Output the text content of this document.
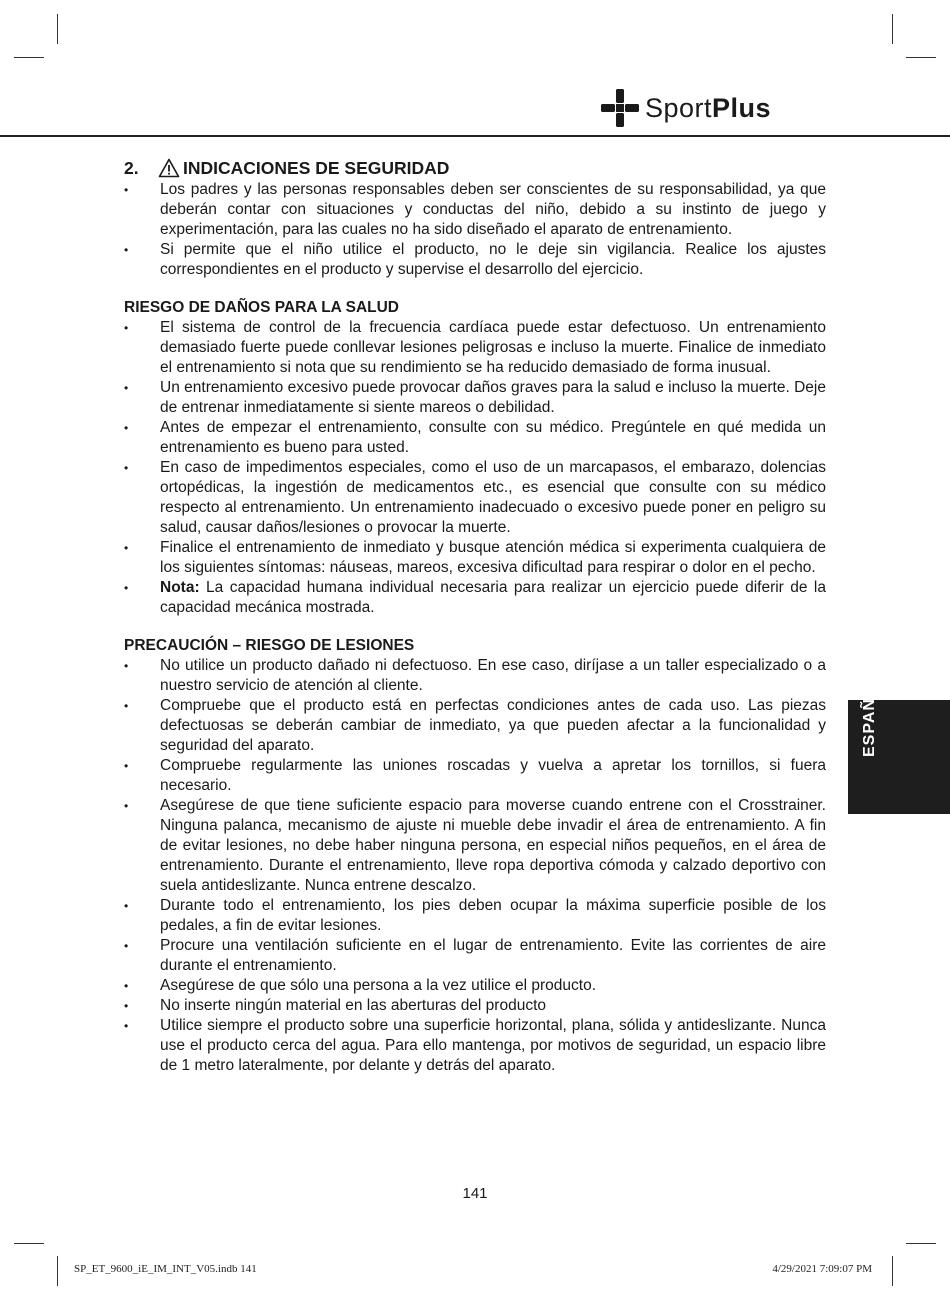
SportPlus
2.	INDICACIONES DE SEGURIDAD
• Los padres y las personas responsables deben ser conscientes de su responsabilidad, ya que deberán contar con situaciones y conductas del niño, debido a su instinto de juego y experimentación, para las cuales no ha sido diseñado el aparato de entrenamiento.
• Si permite que el niño utilice el producto, no le deje sin vigilancia. Realice los ajustes correspondientes en el producto y supervise el desarrollo del ejercicio.
RIESGO DE DAÑOS PARA LA SALUD
• El sistema de control de la frecuencia cardíaca puede estar defectuoso. Un entrenamiento demasiado fuerte puede conllevar lesiones peligrosas e incluso la muerte. Finalice de inmediato el entrenamiento si nota que su rendimiento se ha reducido demasiado de forma inusual.
• Un entrenamiento excesivo puede provocar daños graves para la salud e incluso la muerte. Deje de entrenar inmediatamente si siente mareos o debilidad.
• Antes de empezar el entrenamiento, consulte con su médico. Pregúntele en qué medida un entrenamiento es bueno para usted.
• En caso de impedimentos especiales, como el uso de un marcapasos, el embarazo, dolencias ortopédicas, la ingestión de medicamentos etc., es esencial que consulte con su médico respecto al entrenamiento. Un entrenamiento inadecuado o excesivo puede poner en peligro su salud, causar daños/lesiones o provocar la muerte.
• Finalice el entrenamiento de inmediato y busque atención médica si experimenta cualquiera de los siguientes síntomas: náuseas, mareos, excesiva dificultad para respirar o dolor en el pecho.
• Nota: La capacidad humana individual necesaria para realizar un ejercicio puede diferir de la capacidad mecánica mostrada.
PRECAUCIÓN – RIESGO DE LESIONES
• No utilice un producto dañado ni defectuoso. En ese caso, diríjase a un taller especializado o a nuestro servicio de atención al cliente.
• Compruebe que el producto está en perfectas condiciones antes de cada uso. Las piezas defectuosas se deberán cambiar de inmediato, ya que pueden afectar a la funcionalidad y seguridad del aparato.
• Compruebe regularmente las uniones roscadas y vuelva a apretar los tornillos, si fuera necesario.
• Asegúrese de que tiene suficiente espacio para moverse cuando entrene con el Crosstrainer. Ninguna palanca, mecanismo de ajuste ni mueble debe invadir el área de entrenamiento. A fin de evitar lesiones, no debe haber ninguna persona, en especial niños pequeños, en el área de entrenamiento. Durante el entrenamiento, lleve ropa deportiva cómoda y calzado deportivo con suela antideslizante. Nunca entrene descalzo.
• Durante todo el entrenamiento, los pies deben ocupar la máxima superficie posible de los pedales, a fin de evitar lesiones.
• Procure una ventilación suficiente en el lugar de entrenamiento. Evite las corrientes de aire durante el entrenamiento.
• Asegúrese de que sólo una persona a la vez utilice el producto.
• No inserte ningún material en las aberturas del producto
• Utilice siempre el producto sobre una superficie horizontal, plana, sólida y antideslizante. Nunca use el producto cerca del agua. Para ello mantenga, por motivos de seguridad, un espacio libre de 1 metro lateralmente, por delante y detrás del aparato.
ESPAÑOL
141
SP_ET_9600_iE_IM_INT_V05.indb 141	4/29/2021 7:09:07 PM
